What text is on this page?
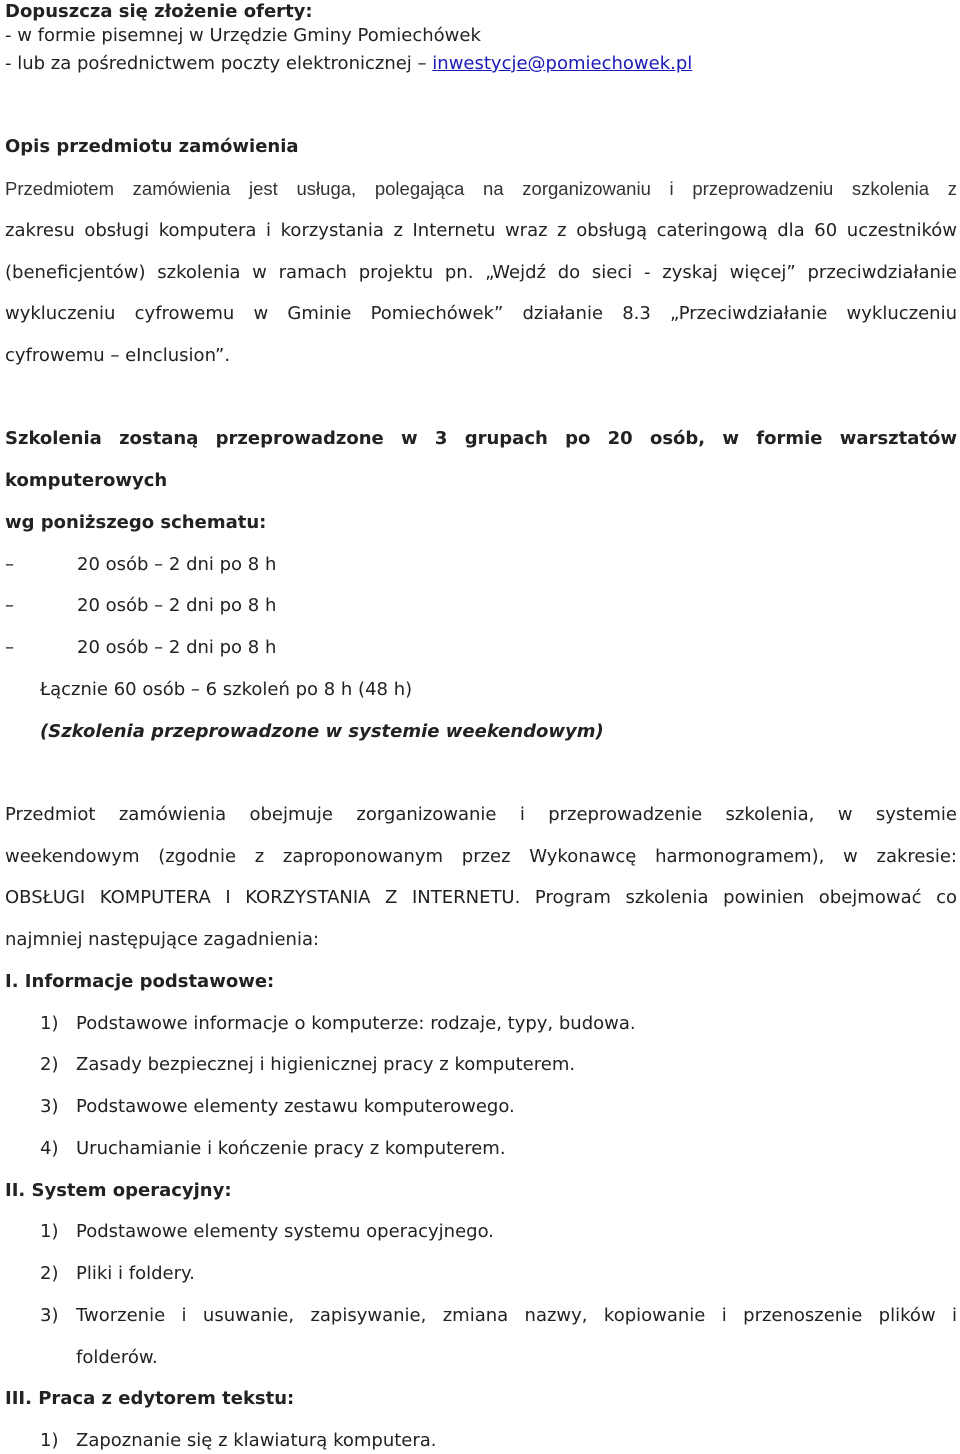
Dopuszcza się złożenie oferty:
- w formie pisemnej w Urzędzie Gminy Pomiechówek
- lub za pośrednictwem poczty elektronicznej – inwestycje@pomiechowek.pl
Opis przedmiotu zamówienia
Przedmiotem zamówienia jest usługa, polegająca na zorganizowaniu i przeprowadzeniu szkolenia z
zakresu obsługi komputera i korzystania z Internetu wraz z obsługą cateringową dla 60 uczestników
(beneficjentów) szkolenia w ramach projektu pn. „Wejdź do sieci - zyskaj więcej” przeciwdziałanie
wykluczeniu cyfrowemu w Gminie Pomiechówek” działanie 8.3 „Przeciwdziałanie wykluczeniu
cyfrowemu – eInclusion”.
Szkolenia zostaną przeprowadzone w 3 grupach po 20 osób, w formie warsztatów
komputerowych
wg poniższego schematu:
–	20 osób – 2 dni po 8 h
–	20 osób – 2 dni po 8 h
–	20 osób – 2 dni po 8 h
Łącznie 60 osób – 6 szkoleń po 8 h (48 h)
(Szkolenia przeprowadzone w systemie weekendowym)
Przedmiot zamówienia obejmuje zorganizowanie i przeprowadzenie szkolenia, w systemie
weekendowym (zgodnie z zaproponowanym przez Wykonawcę harmonogramem), w zakresie:
OBSŁUGI KOMPUTERA I KORZYSTANIA Z INTERNETU. Program szkolenia powinien obejmować co
najmniej następujące zagadnienia:
I. Informacje podstawowe:
1) Podstawowe informacje o komputerze: rodzaje, typy, budowa.
2) Zasady bezpiecznej i higienicznej pracy z komputerem.
3) Podstawowe elementy zestawu komputerowego.
4) Uruchamianie i kończenie pracy z komputerem.
II. System operacyjny:
1) Podstawowe elementy systemu operacyjnego.
2) Pliki i foldery.
3) Tworzenie i usuwanie, zapisywanie, zmiana nazwy, kopiowanie i przenoszenie plików i
folderów.
III. Praca z edytorem tekstu:
1) Zapoznanie się z klawiaturą komputera.
